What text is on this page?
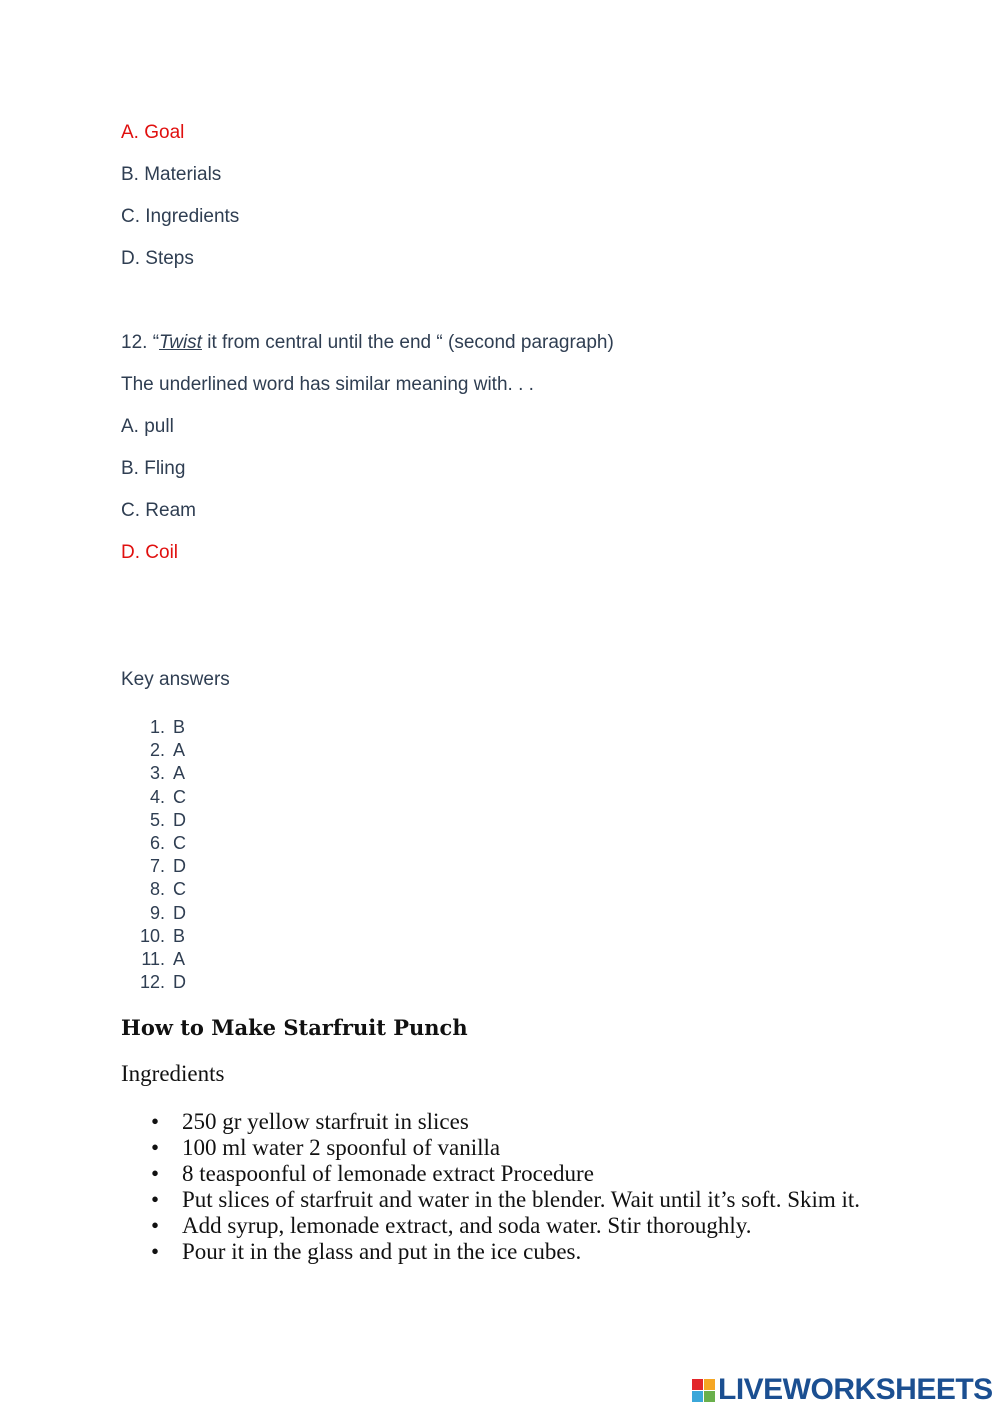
A. Goal
B. Materials
C. Ingredients
D. Steps
12. “Twist it from central until the end “ (second paragraph)
The underlined word has similar meaning with. . .
A. pull
B. Fling
C. Ream
D. Coil
Key answers
1. B
2. A
3. A
4. C
5. D
6. C
7. D
8. C
9. D
10. B
11. A
12. D
How to Make Starfruit Punch
Ingredients
• 250 gr yellow starfruit in slices
• 100 ml water 2 spoonful of vanilla
• 8 teaspoonful of lemonade extract Procedure
• Put slices of starfruit and water in the blender. Wait until it’s soft. Skim it.
• Add syrup, lemonade extract, and soda water. Stir thoroughly.
• Pour it in the glass and put in the ice cubes.
LIVEWORKSHEETS
